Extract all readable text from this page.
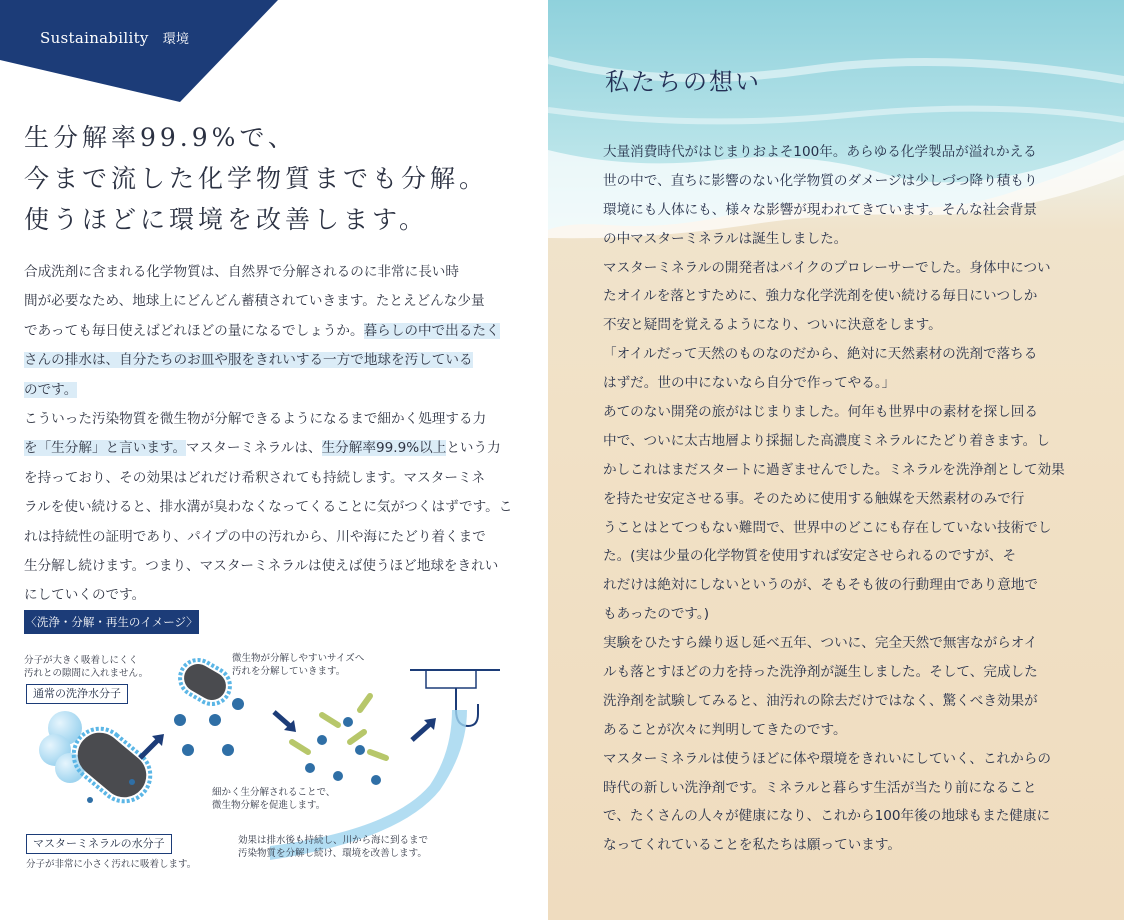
Sustainability 環境
生分解率99.9%で、
今まで流した化学物質までも分解。
使うほどに環境を改善します。
合成洗剤に含まれる化学物質は、自然界で分解されるのに非常に長い時
間が必要なため、地球上にどんどん蓄積されていきます。たとえどんな少量
であっても毎日使えばどれほどの量になるでしょうか。暮らしの中で出るたく
さんの排水は、自分たちのお皿や服をきれいする一方で地球を汚している
のです。
こういった汚染物質を微生物が分解できるようになるまで細かく処理する力
を「生分解」と言います。マスターミネラルは、生分解率99.9%以上という力
を持っており、その効果はどれだけ希釈されても持続します。マスターミネ
ラルを使い続けると、排水溝が臭わなくなってくることに気がつくはずです。こ
れは持続性の証明であり、パイプの中の汚れから、川や海にたどり着くまで
生分解し続けます。つまり、マスターミネラルは使えば使うほど地球をきれい
にしていくのです。
〈洗浄・分解・再生のイメージ〉
分子が大きく吸着しにくく
汚れとの隙間に入れません。
通常の洗浄水分子
微生物が分解しやすいサイズへ
汚れを分解していきます。
細かく生分解されることで、
微生物分解を促進します。
マスターミネラルの水分子
分子が非常に小さく汚れに吸着します。
効果は排水後も持続し、川から海に到るまで
汚染物質を分解し続け、環境を改善します。
私たちの想い
大量消費時代がはじまりおよそ100年。あらゆる化学製品が溢れかえる
世の中で、直ちに影響のない化学物質のダメージは少しづつ降り積もり
環境にも人体にも、様々な影響が現われてきています。そんな社会背景
の中マスターミネラルは誕生しました。
マスターミネラルの開発者はバイクのプロレーサーでした。身体中につい
たオイルを落とすために、強力な化学洗剤を使い続ける毎日にいつしか
不安と疑問を覚えるようになり、ついに決意をします。
「オイルだって天然のものなのだから、絶対に天然素材の洗剤で落ちる
はずだ。世の中にないなら自分で作ってやる。」
あてのない開発の旅がはじまりました。何年も世界中の素材を探し回る
中で、ついに太古地層より採掘した高濃度ミネラルにたどり着きます。し
かしこれはまだスタートに過ぎませんでした。ミネラルを洗浄剤として効果
を持たせ安定させる事。そのために使用する触媒を天然素材のみで行
うことはとてつもない難問で、世界中のどこにも存在していない技術でし
た。(実は少量の化学物質を使用すれば安定させられるのですが、そ
れだけは絶対にしないというのが、そもそも彼の行動理由であり意地で
もあったのです。)
実験をひたすら繰り返し延べ五年、ついに、完全天然で無害ながらオイ
ルも落とすほどの力を持った洗浄剤が誕生しました。そして、完成した
洗浄剤を試験してみると、油汚れの除去だけではなく、驚くべき効果が
あることが次々に判明してきたのです。
マスターミネラルは使うほどに体や環境をきれいにしていく、これからの
時代の新しい洗浄剤です。ミネラルと暮らす生活が当たり前になること
で、たくさんの人々が健康になり、これから100年後の地球もまた健康に
なってくれていることを私たちは願っています。
